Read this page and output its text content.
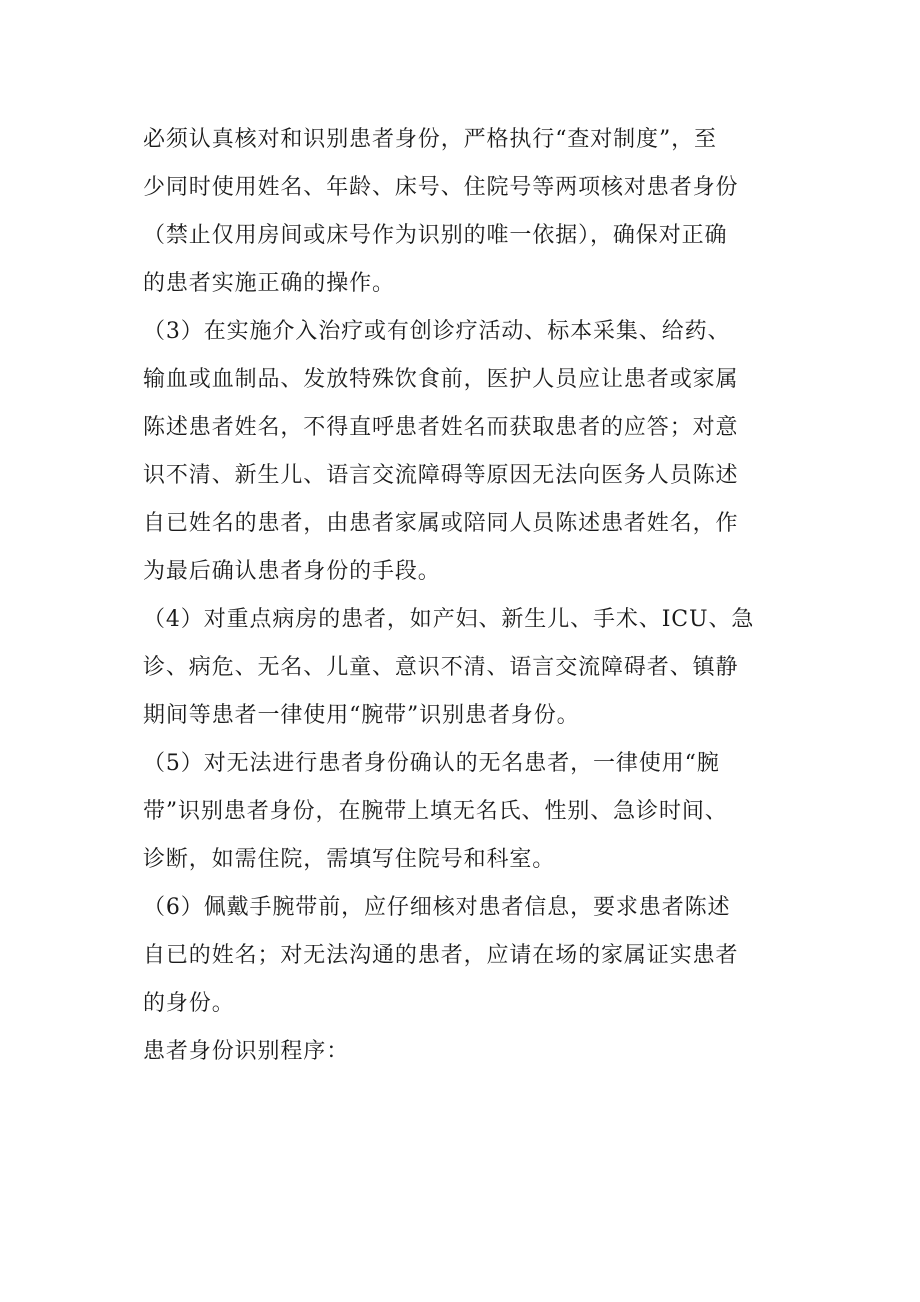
必须认真核对和识别患者身份，严格执行“查对制度”，至
少同时使用姓名、年龄、床号、住院号等两项核对患者身份
（禁止仅用房间或床号作为识别的唯一依据），确保对正确
的患者实施正确的操作。
（3）在实施介入治疗或有创诊疗活动、标本采集、给药、
输血或血制品、发放特殊饮食前，医护人员应让患者或家属
陈述患者姓名，不得直呼患者姓名而获取患者的应答；对意
识不清、新生儿、语言交流障碍等原因无法向医务人员陈述
自已姓名的患者，由患者家属或陪同人员陈述患者姓名，作
为最后确认患者身份的手段。
（4）对重点病房的患者，如产妇、新生儿、手术、ICU、急
诊、病危、无名、儿童、意识不清、语言交流障碍者、镇静
期间等患者一律使用“腕带”识别患者身份。
（5）对无法进行患者身份确认的无名患者，一律使用“腕
带”识别患者身份，在腕带上填无名氏、性别、急诊时间、
诊断，如需住院，需填写住院号和科室。
（6）佩戴手腕带前，应仔细核对患者信息，要求患者陈述
自已的姓名；对无法沟通的患者，应请在场的家属证实患者
的身份。
患者身份识别程序：
